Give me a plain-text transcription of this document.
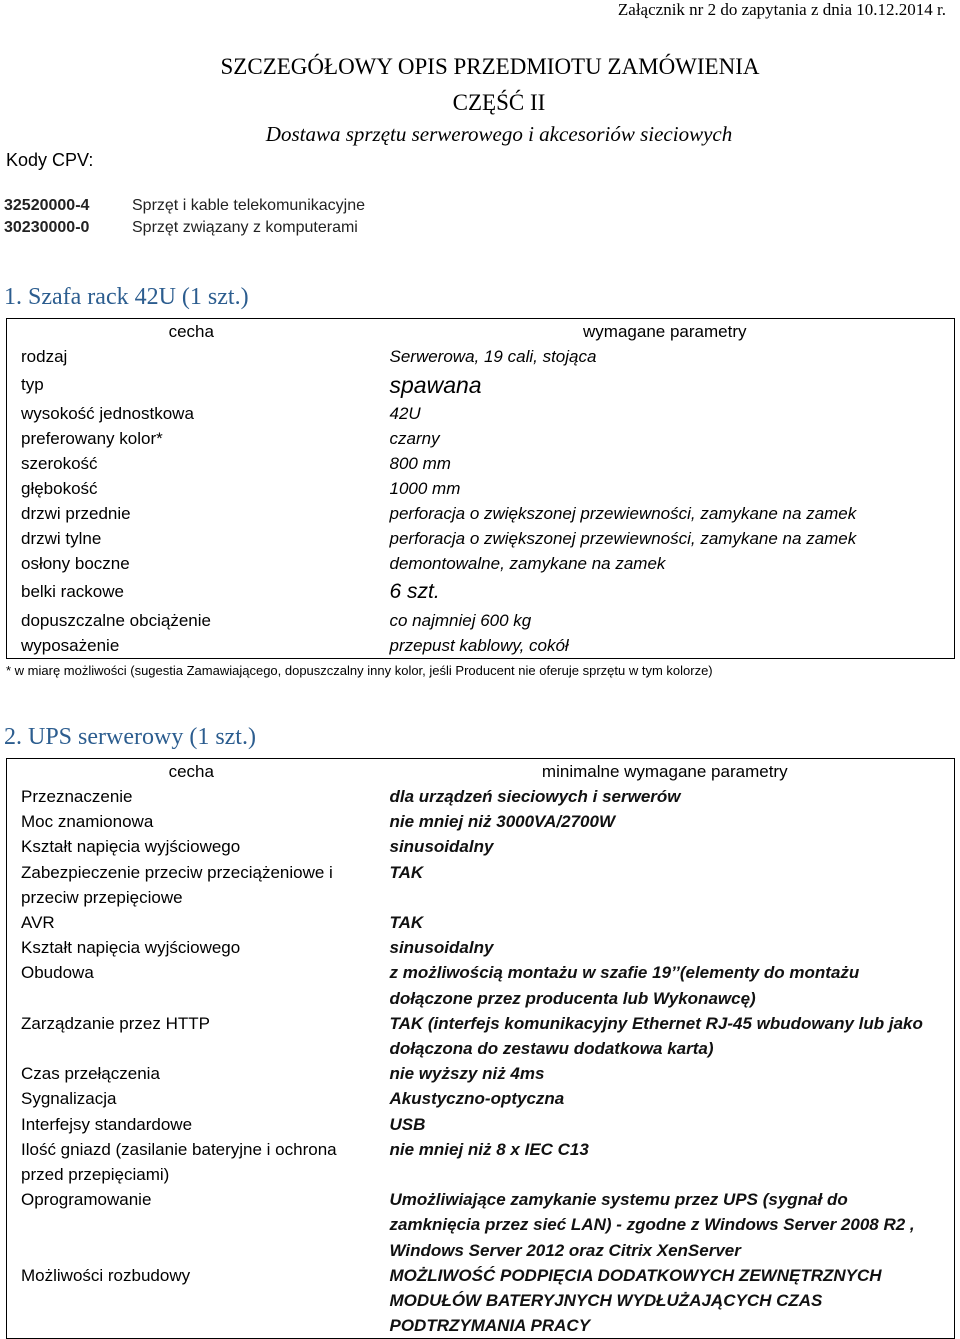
Załącznik nr 2 do zapytania z dnia 10.12.2014 r.
SZCZEGÓŁOWY OPIS PRZEDMIOTU ZAMÓWIENIA
CZĘŚĆ II
Dostawa sprzętu serwerowego i akcesoriów sieciowych
Kody CPV:
32520000-4	Sprzęt i kable telekomunikacyjne
30230000-0	Sprzęt związany z komputerami
1. Szafa rack 42U (1 szt.)
cecha	wymagane parametry
rodzaj	Serwerowa, 19 cali, stojąca
typ	spawana
wysokość jednostkowa	42U
preferowany kolor*	czarny
szerokość	800 mm
głębokość	1000 mm
drzwi przednie	perforacja o zwiększonej przewiewności, zamykane na zamek
drzwi tylne	perforacja o zwiększonej przewiewności, zamykane na zamek
osłony boczne	demontowalne, zamykane na zamek
belki rackowe	6 szt.
dopuszczalne obciążenie	co najmniej 600 kg
wyposażenie	przepust kablowy, cokół
* w miarę możliwości (sugestia Zamawiającego, dopuszczalny inny kolor, jeśli Producent nie oferuje sprzętu w tym kolorze)
2. UPS serwerowy (1 szt.)
cecha	minimalne wymagane parametry
Przeznaczenie	dla urządzeń sieciowych i serwerów
Moc znamionowa	nie mniej niż 3000VA/2700W
Kształt napięcia wyjściowego	sinusoidalny
Zabezpieczenie przeciw przeciążeniowe i przeciw przepięciowe	TAK
AVR	TAK
Kształt napięcia wyjściowego	sinusoidalny
Obudowa	z możliwością montażu w szafie 19’’(elementy do montażu dołączone przez producenta lub Wykonawcę)
Zarządzanie przez HTTP	TAK (interfejs komunikacyjny Ethernet RJ-45 wbudowany lub jako dołączona do zestawu dodatkowa karta)
Czas przełączenia	nie wyższy niż 4ms
Sygnalizacja	Akustyczno-optyczna
Interfejsy standardowe	USB
Ilość gniazd (zasilanie bateryjne i ochrona przed przepięciami)	nie mniej niż 8 x IEC C13
Oprogramowanie	Umożliwiające zamykanie systemu przez UPS (sygnał do zamknięcia przez sieć LAN) - zgodne z Windows Server 2008 R2 , Windows Server 2012 oraz Citrix XenServer
Możliwości rozbudowy	MOŻLIWOŚĆ PODPIĘCIA DODATKOWYCH ZEWNĘTRZNYCH MODUŁÓW BATERYJNYCH WYDŁUŻAJĄCYCH CZAS PODTRZYMANIA PRACY
